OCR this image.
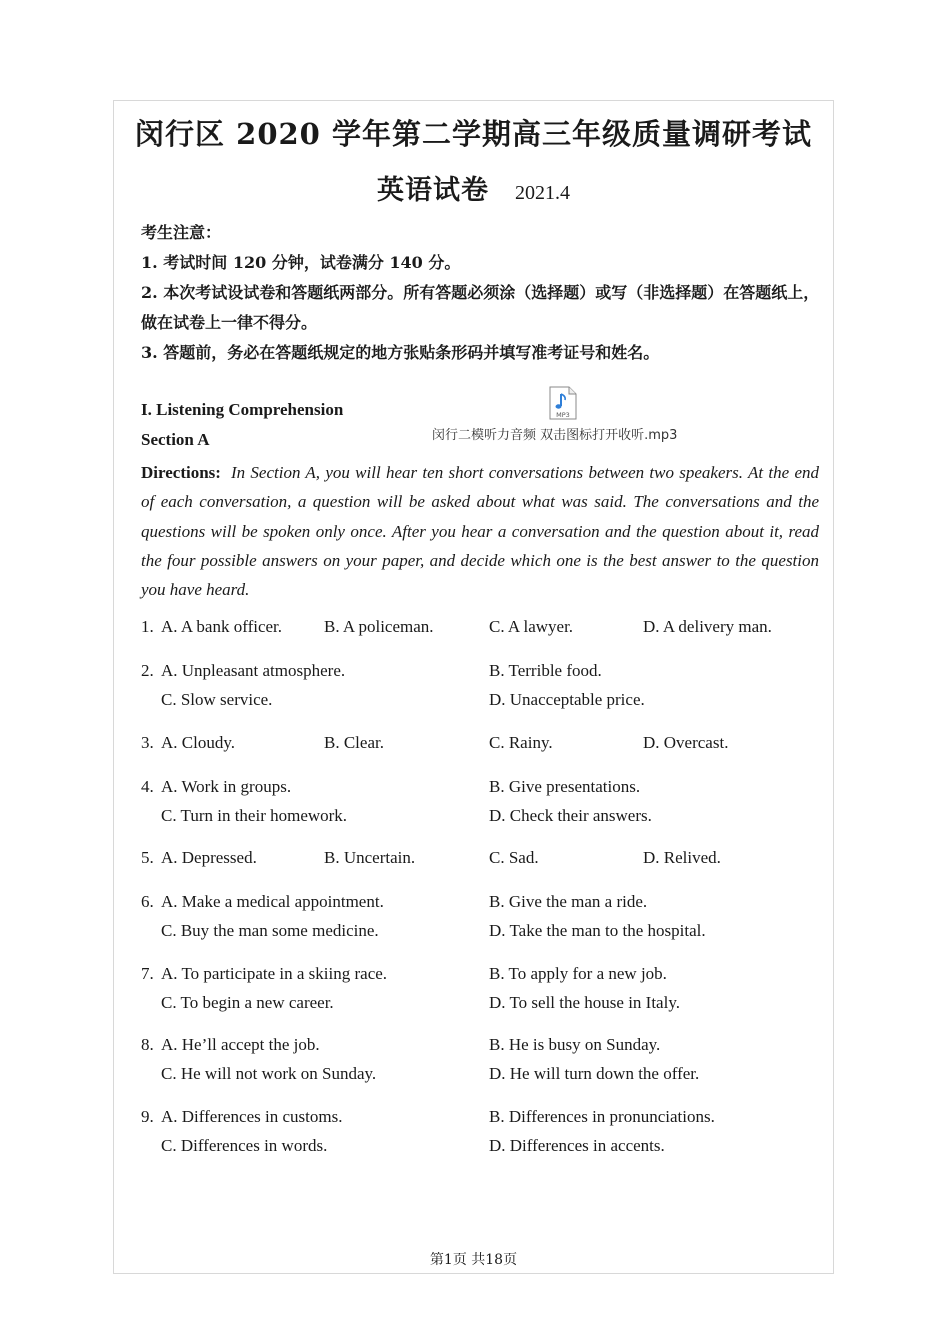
闵行区 2020 学年第二学期高三年级质量调研考试
英语试卷 2021.4
考生注意：
1. 考试时间 120 分钟，试卷满分 140 分。
2. 本次考试设试卷和答题纸两部分。所有答题必须涂（选择题）或写（非选择题）在答题纸上，做在试卷上一律不得分。
3. 答题前，务必在答题纸规定的地方张贴条形码并填写准考证号和姓名。
I. Listening Comprehension
Section A
MP3
闵行二模听力音频 双击图标打开收听.mp3
Directions: In Section A, you will hear ten short conversations between two speakers. At the end of each conversation, a question will be asked about what was said. The conversations and the questions will be spoken only once. After you hear a conversation and the question about it, read the four possible answers on your paper, and decide which one is the best answer to the question you have heard.
1. A. A bank officer. B. A policeman.	C. A lawyer.	D. A delivery man.
2. A. Unpleasant atmosphere.	B. Terrible food.
C. Slow service.	D. Unacceptable price.
3. A. Cloudy.	B. Clear.	C. Rainy.	D. Overcast.
4. A. Work in groups.	B. Give presentations.
C. Turn in their homework.	D. Check their answers.
5. A. Depressed.	B. Uncertain.	C. Sad.	D. Relived.
6. A. Make a medical appointment.	B. Give the man a ride.
C. Buy the man some medicine.	D. Take the man to the hospital.
7. A. To participate in a skiing race.	B. To apply for a new job.
C. To begin a new career.	D. To sell the house in Italy.
8. A. He’ll accept the job.	B. He is busy on Sunday.
C. He will not work on Sunday.	D. He will turn down the offer.
9. A. Differences in customs.	B. Differences in pronunciations.
C. Differences in words.	D. Differences in accents.
第1页 共18页
